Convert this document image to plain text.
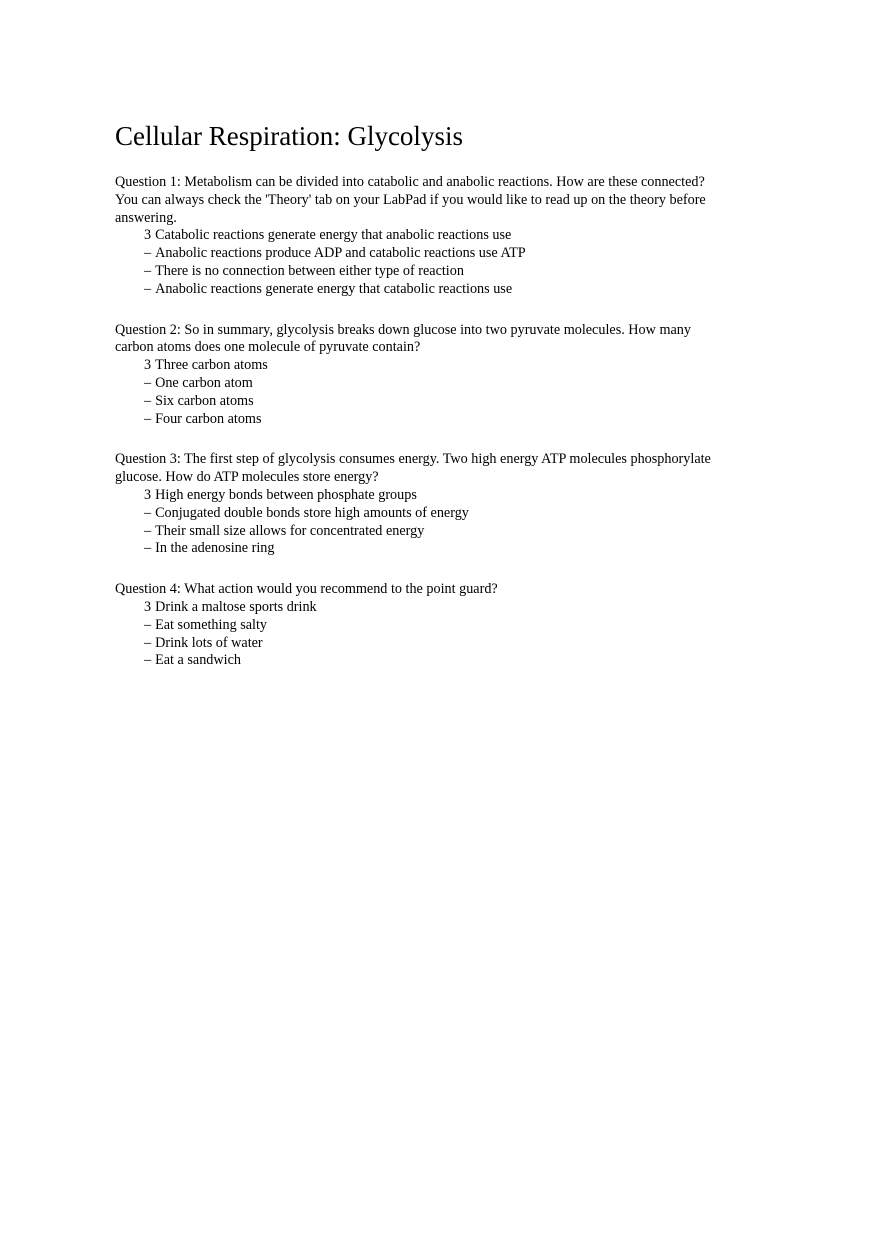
Cellular Respiration: Glycolysis

Question 1: Metabolism can be divided into catabolic and anabolic reactions. How are these connected?

You can always check the 'Theory' tab on your LabPad if you would like to read up on the theory before answering.

3 Catabolic reactions generate energy that anabolic reactions use
– Anabolic reactions produce ADP and catabolic reactions use ATP
– There is no connection between either type of reaction
– Anabolic reactions generate energy that catabolic reactions use

Question 2: So in summary, glycolysis breaks down glucose into two pyruvate molecules. How many carbon atoms does one molecule of pyruvate contain?

3 Three carbon atoms
– One carbon atom
– Six carbon atoms
– Four carbon atoms

Question 3: The first step of glycolysis consumes energy. Two high energy ATP molecules phosphorylate glucose. How do ATP molecules store energy?

3 High energy bonds between phosphate groups
– Conjugated double bonds store high amounts of energy
– Their small size allows for concentrated energy
– In the adenosine ring

Question 4: What action would you recommend to the point guard?

3 Drink a maltose sports drink
– Eat something salty
– Drink lots of water
– Eat a sandwich
